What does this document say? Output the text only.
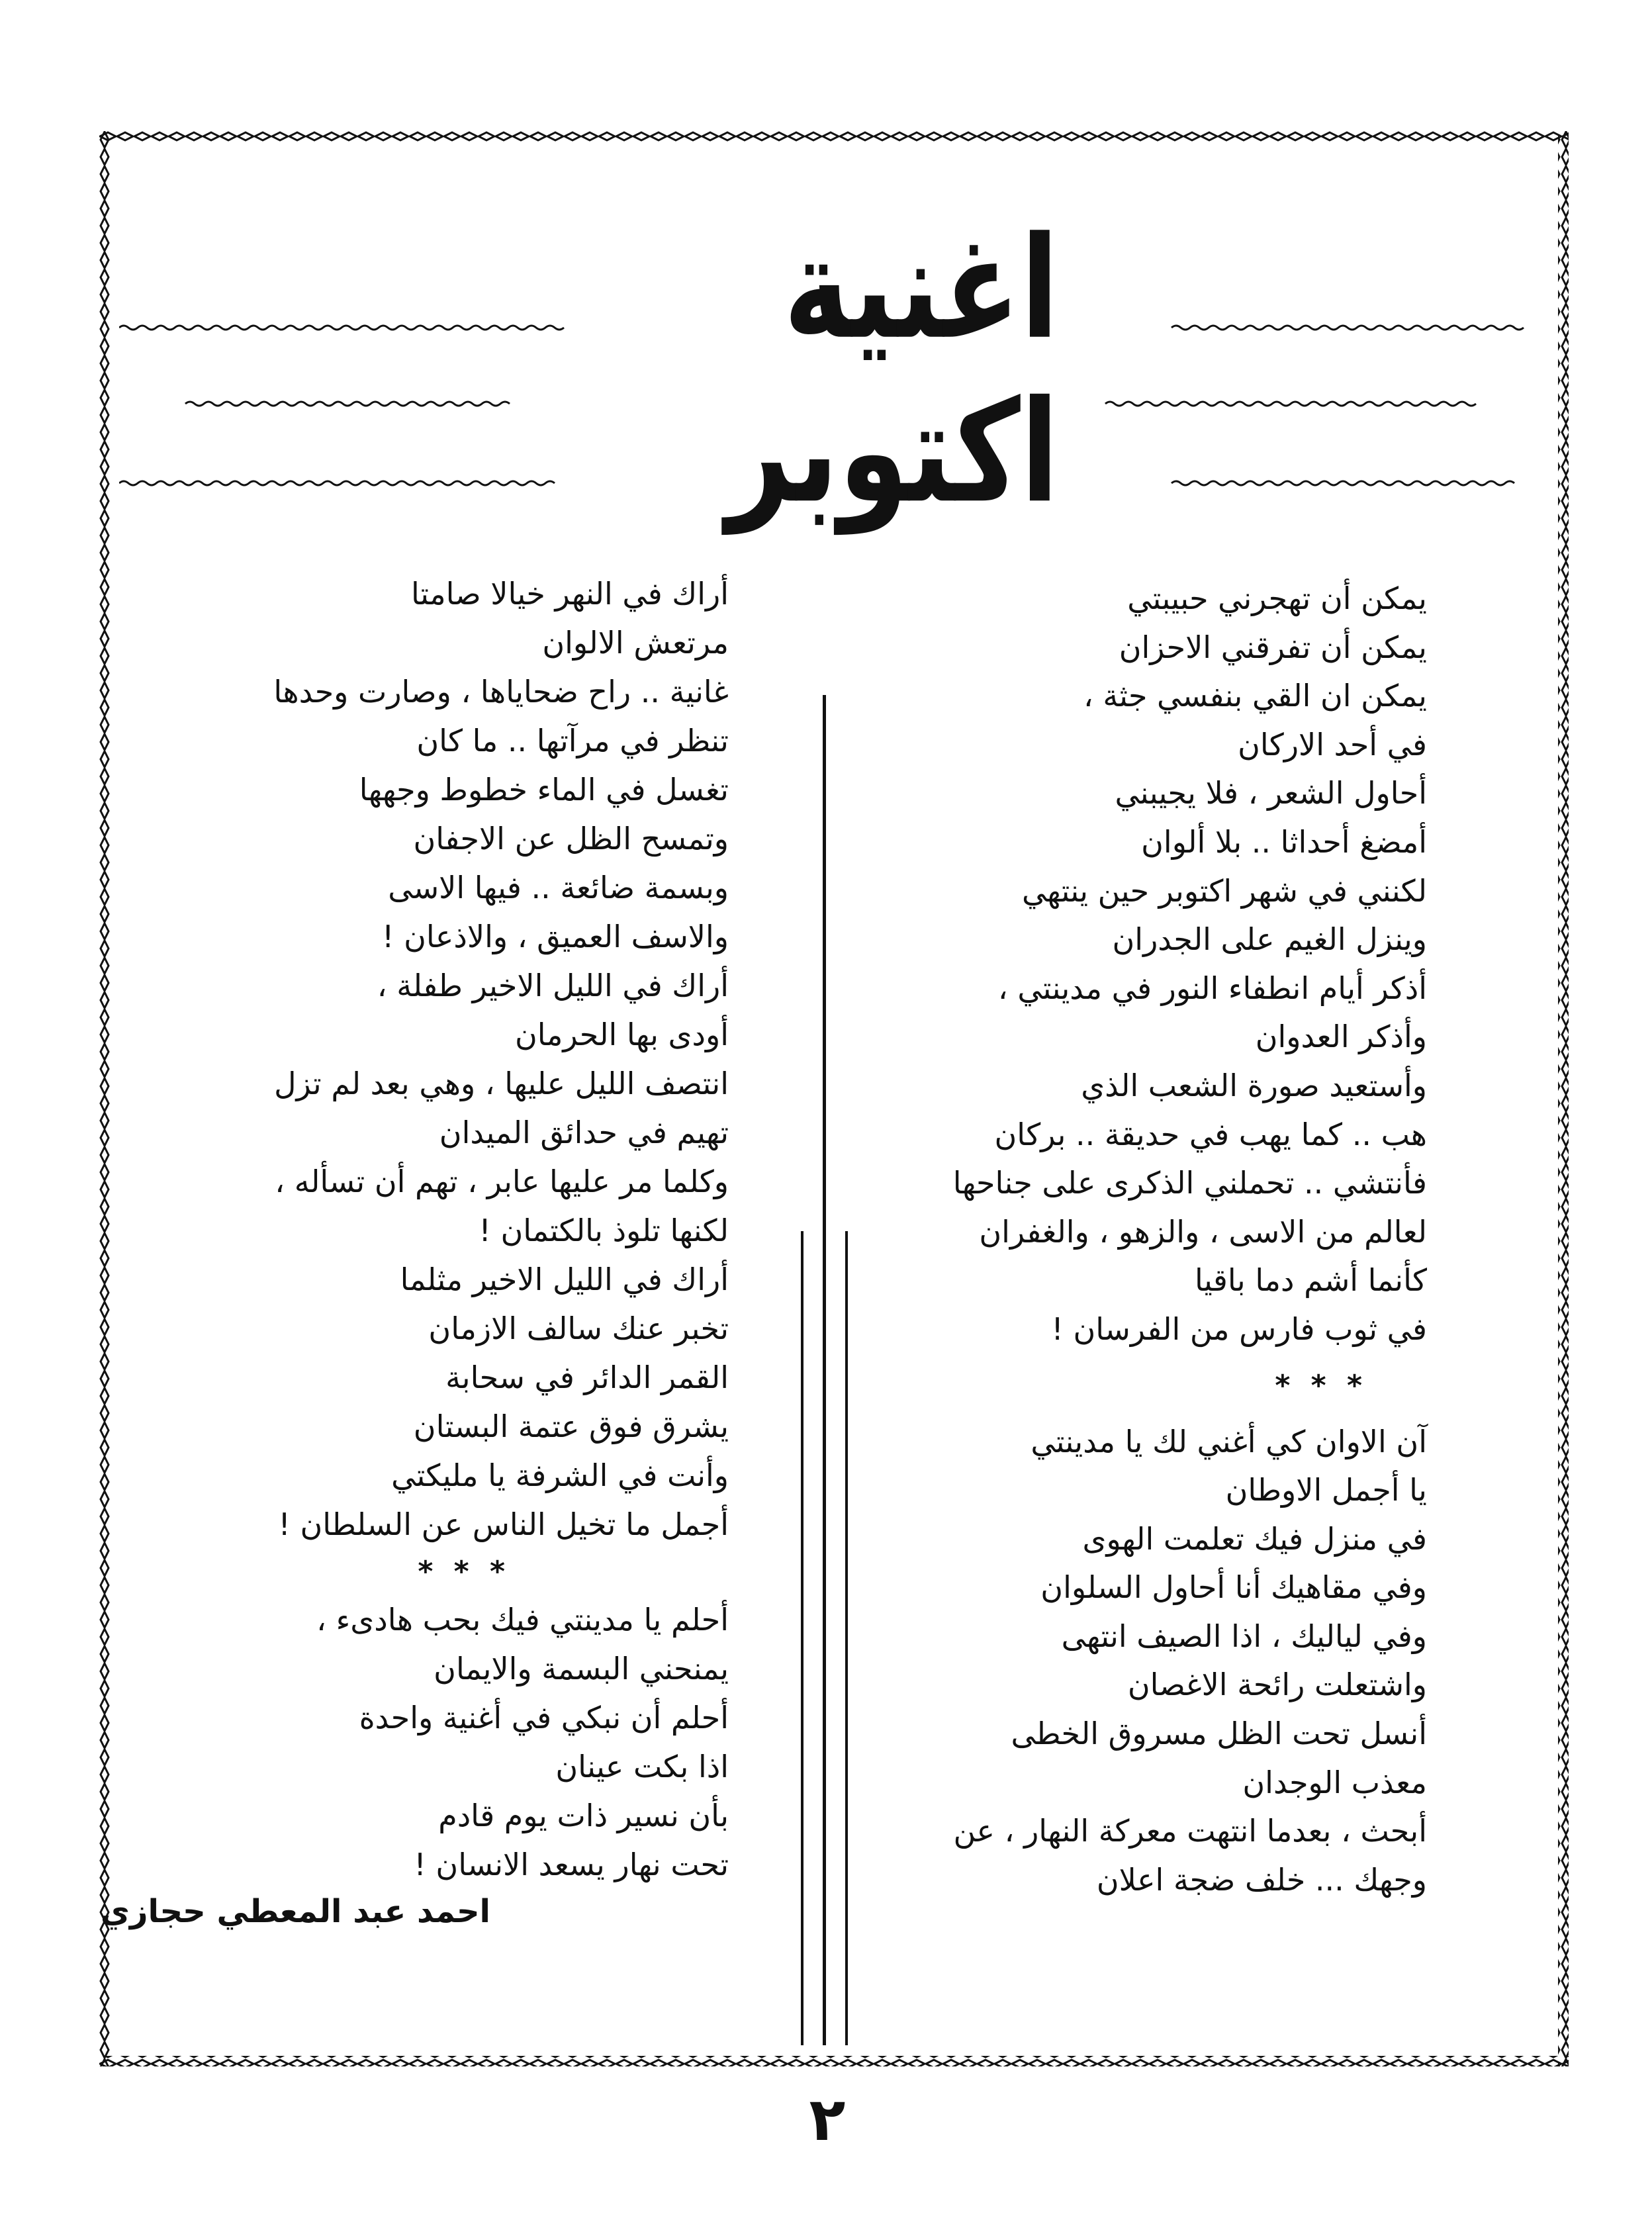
اغنية اكتوبر
يمكن أن تهجرني حبيبتي
يمكن أن تفرقني الاحزان
يمكن ان القي بنفسي جثة ،
في أحد الاركان
أحاول الشعر ، فلا يجيبني
أمضغ أحداثا .. بلا ألوان
لكنني في شهر اكتوبر حين ينتهي
وينزل الغيم على الجدران
أذكر أيام انطفاء النور في مدينتي ،
وأذكر العدوان
وأستعيد صورة الشعب الذي
هب .. كما يهب في حديقة .. بركان
فأنتشي .. تحملني الذكرى على جناحها
لعالم من الاسى ، والزهو ، والغفران
كأنما أشم دما باقيا
في ثوب فارس من الفرسان !
* * *
آن الاوان كي أغني لك يا مدينتي
يا أجمل الاوطان
في منزل فيك تعلمت الهوى
وفي مقاهيك أنا أحاول السلوان
وفي لياليك ، اذا الصيف انتهى
واشتعلت رائحة الاغصان
أنسل تحت الظل مسروق الخطى
معذب الوجدان
أبحث ، بعدما انتهت معركة النهار ، عن
وجهك ... خلف ضجة اعلان
أراك في النهر خيالا صامتا
مرتعش الالوان
غانية .. راح ضحاياها ، وصارت وحدها
تنظر في مرآتها .. ما كان
تغسل في الماء خطوط وجهها
وتمسح الظل عن الاجفان
وبسمة ضائعة .. فيها الاسى
والاسف العميق ، والاذعان !
أراك في الليل الاخير طفلة ،
أودى بها الحرمان
انتصف الليل عليها ، وهي بعد لم تزل
تهيم في حدائق الميدان
وكلما مر عليها عابر ، تهم أن تسأله ،
لكنها تلوذ بالكتمان !
أراك في الليل الاخير مثلما
تخبر عنك سالف الازمان
القمر الدائر في سحابة
يشرق فوق عتمة البستان
وأنت في الشرفة يا مليكتي
أجمل ما تخيل الناس عن السلطان !
* * *
أحلم يا مدينتي فيك بحب هادىء ،
يمنحني البسمة والايمان
أحلم أن نبكي في أغنية واحدة
اذا بكت عينان
بأن نسير ذات يوم قادم
تحت نهار يسعد الانسان !
احمد عبد المعطي حجازي
٢
